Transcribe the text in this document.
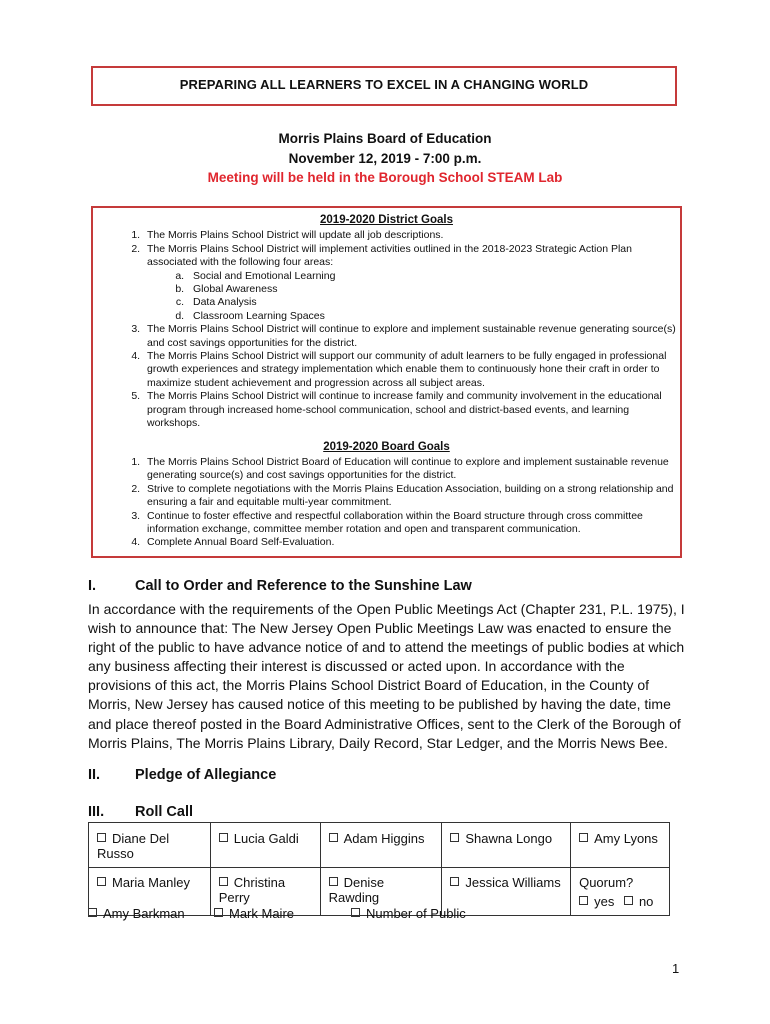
PREPARING ALL LEARNERS TO EXCEL IN A CHANGING WORLD
Morris Plains Board of Education
November 12, 2019 - 7:00 p.m.
Meeting will be held in the Borough School STEAM Lab
2019-2020 District Goals
1. The Morris Plains School District will update all job descriptions.
2. The Morris Plains School District will implement activities outlined in the 2018-2023 Strategic Action Plan associated with the following four areas:
a. Social and Emotional Learning
b. Global Awareness
c. Data Analysis
d. Classroom Learning Spaces
3. The Morris Plains School District will continue to explore and implement sustainable revenue generating source(s) and cost savings opportunities for the district.
4. The Morris Plains School District will support our community of adult learners to be fully engaged in professional growth experiences and strategy implementation which enable them to continuously hone their craft in order to maximize student achievement and progression across all subject areas.
5. The Morris Plains School District will continue to increase family and community involvement in the educational program through increased home-school communication, school and district-based events, and learning workshops.
2019-2020 Board Goals
1. The Morris Plains School District Board of Education will continue to explore and implement sustainable revenue generating source(s) and cost savings opportunities for the district.
2. Strive to complete negotiations with the Morris Plains Education Association, building on a strong relationship and ensuring a fair and equitable multi-year commitment.
3. Continue to foster effective and respectful collaboration within the Board structure through cross committee information exchange, committee member rotation and open and transparent communication.
4. Complete Annual Board Self-Evaluation.
I.	Call to Order and Reference to the Sunshine Law
In accordance with the requirements of the Open Public Meetings Act (Chapter 231, P.L. 1975), I wish to announce that: The New Jersey Open Public Meetings Law was enacted to ensure the right of the public to have advance notice of and to attend the meetings of public bodies at which any business affecting their interest is discussed or acted upon. In accordance with the provisions of this act, the Morris Plains School District Board of Education, in the County of Morris, New Jersey has caused notice of this meeting to be published by having the date, time and place thereof posted in the Board Administrative Offices, sent to the Clerk of the Borough of Morris Plains, The Morris Plains Library, Daily Record, Star Ledger, and the Morris News Bee.
II. Pledge of Allegiance
III. Roll Call
Diane Del Russo	Lucia Galdi	Adam Higgins	Shawna Longo	Amy Lyons
Maria Manley	Christina Perry	Denise Rawding	Jessica Williams	Quorum?
yes no
Amy Barkman	Mark Maire	Number of Public
1
